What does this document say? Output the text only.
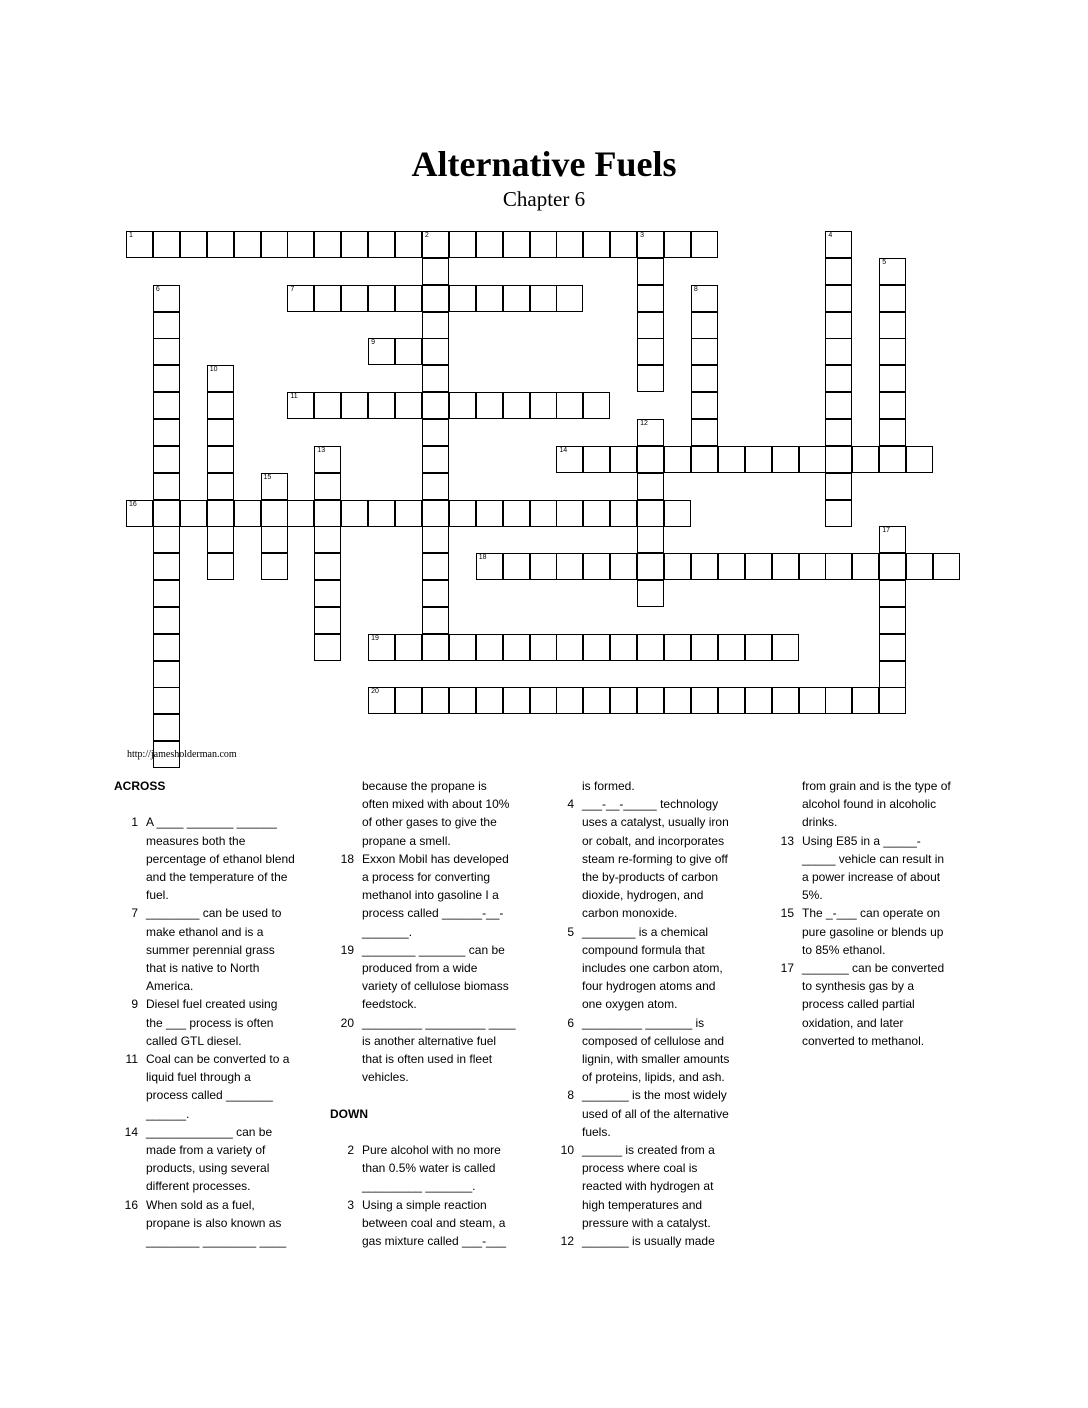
Alternative Fuels
Chapter 6
1	2	3	4
5
6	7	8
9
10
11
12
13	14
15
16
17
18
19
20
http://jamesholderman.com
ACROSS
1 A ____ _______ ______
measures both the
percentage of ethanol blend
and the temperature of the
fuel.
7 ________ can be used to
make ethanol and is a
summer perennial grass
that is native to North
America.
9 Diesel fuel created using
the ___ process is often
called GTL diesel.
11 Coal can be converted to a
liquid fuel through a
process called _______
______.
14 _____________ can be
made from a variety of
products, using several
different processes.
16 When sold as a fuel,
propane is also known as
________ ________ ____
because the propane is
often mixed with about 10%
of other gases to give the
propane a smell.
18 Exxon Mobil has developed
a process for converting
methanol into gasoline I a
process called ______-__-
_______.
19 ________ _______ can be
produced from a wide
variety of cellulose biomass
feedstock.
20 _________ _________ ____
is another alternative fuel
that is often used in fleet
vehicles.
DOWN
2 Pure alcohol with no more
than 0.5% water is called
_________ _______.
3 Using a simple reaction
between coal and steam, a
gas mixture called ___-___
is formed.
4 ___-__-_____ technology
uses a catalyst, usually iron
or cobalt, and incorporates
steam re-forming to give off
the by-products of carbon
dioxide, hydrogen, and
carbon monoxide.
5 ________ is a chemical
compound formula that
includes one carbon atom,
four hydrogen atoms and
one oxygen atom.
6 _________ _______ is
composed of cellulose and
lignin, with smaller amounts
of proteins, lipids, and ash.
8 _______ is the most widely
used of all of the alternative
fuels.
10 ______ is created from a
process where coal is
reacted with hydrogen at
high temperatures and
pressure with a catalyst.
12 _______ is usually made
from grain and is the type of
alcohol found in alcoholic
drinks.
13 Using E85 in a _____-
_____ vehicle can result in
a power increase of about
5%.
15 The _-___ can operate on
pure gasoline or blends up
to 85% ethanol.
17 _______ can be converted
to synthesis gas by a
process called partial
oxidation, and later
converted to methanol.
